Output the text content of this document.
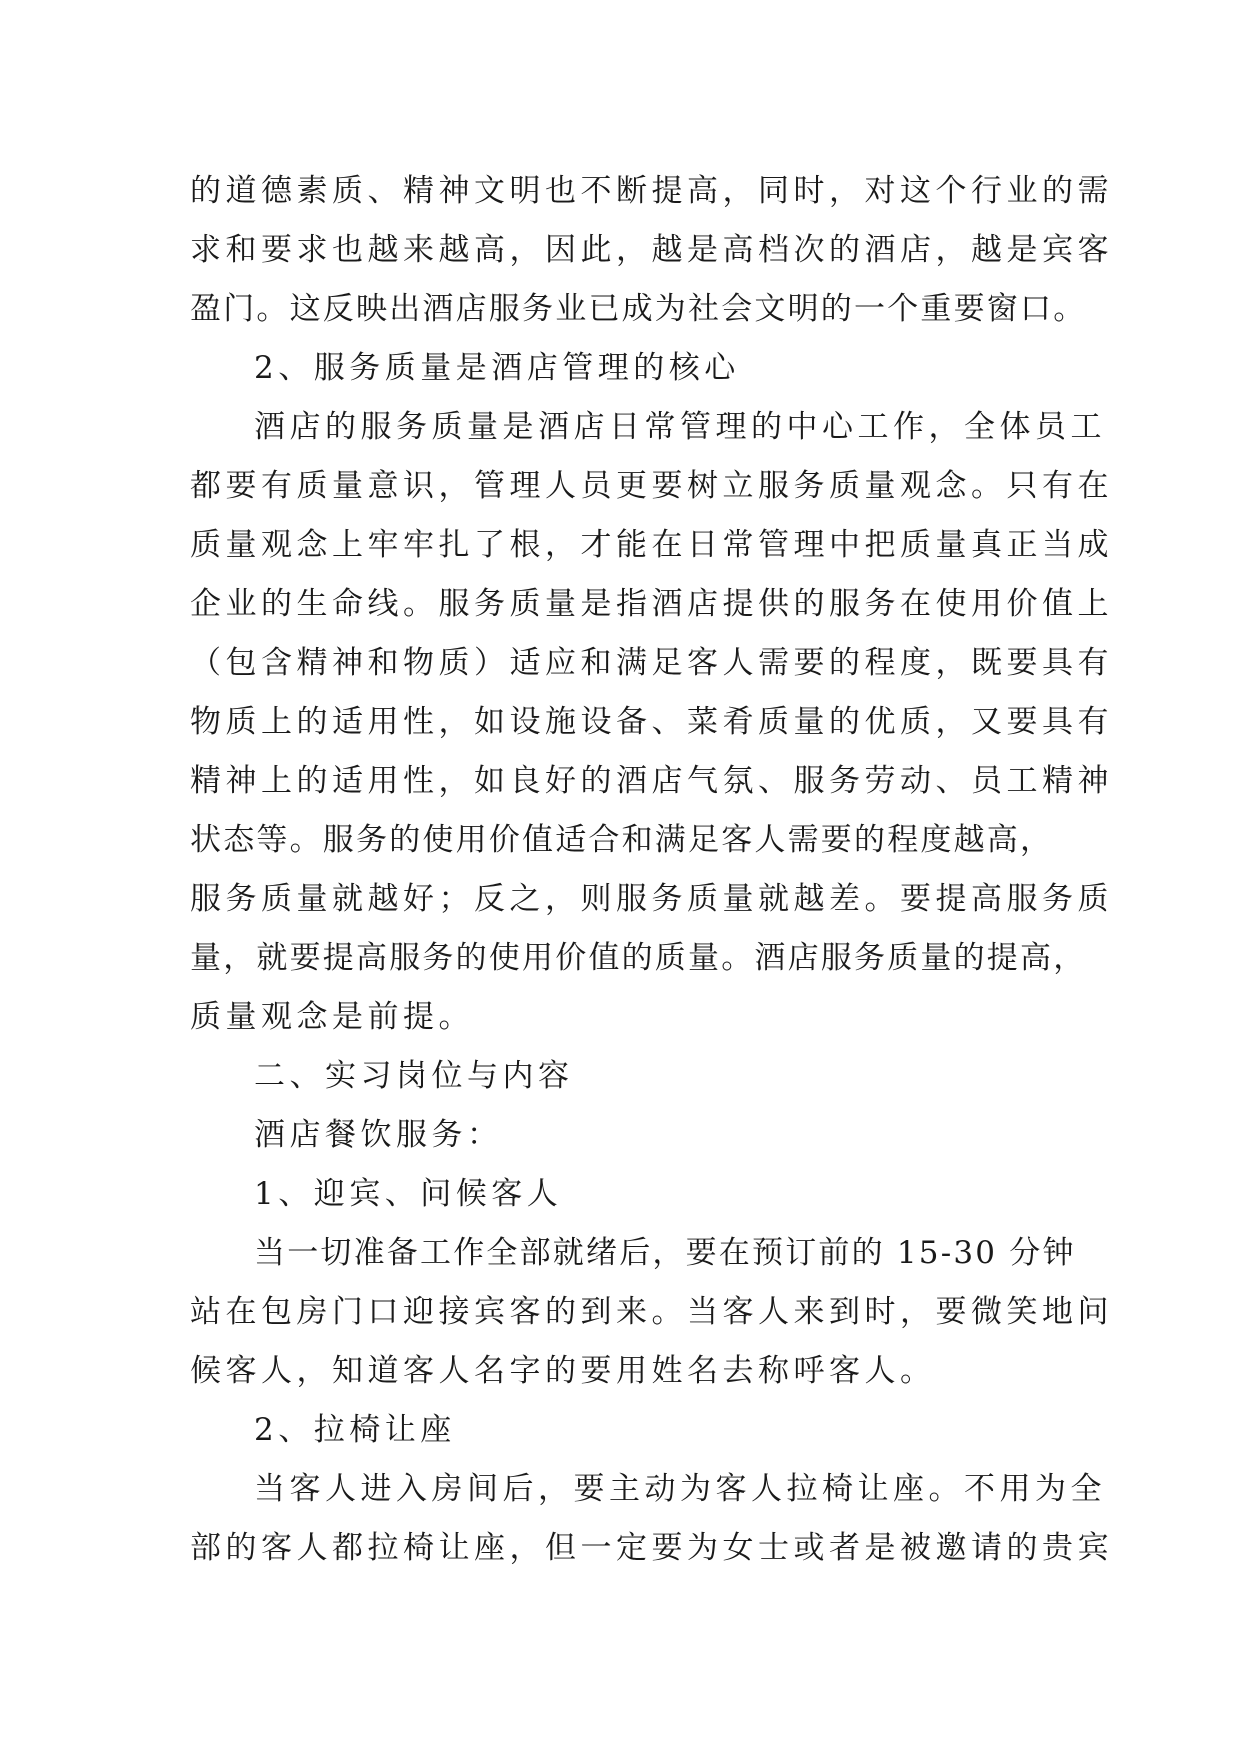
的道德素质、精神文明也不断提高，同时，对这个行业的需
求和要求也越来越高，因此，越是高档次的酒店，越是宾客
盈门。这反映出酒店服务业已成为社会文明的一个重要窗口。
2、服务质量是酒店管理的核心
酒店的服务质量是酒店日常管理的中心工作，全体员工
都要有质量意识，管理人员更要树立服务质量观念。只有在
质量观念上牢牢扎了根，才能在日常管理中把质量真正当成
企业的生命线。服务质量是指酒店提供的服务在使用价值上
（包含精神和物质）适应和满足客人需要的程度，既要具有
物质上的适用性，如设施设备、菜肴质量的优质，又要具有
精神上的适用性，如良好的酒店气氛、服务劳动、员工精神
状态等。服务的使用价值适合和满足客人需要的程度越高，
服务质量就越好；反之，则服务质量就越差。要提高服务质
量，就要提高服务的使用价值的质量。酒店服务质量的提高，
质量观念是前提。
二、实习岗位与内容
酒店餐饮服务：
1、迎宾、问候客人
当一切准备工作全部就绪后，要在预订前的 15-30 分钟
站在包房门口迎接宾客的到来。当客人来到时，要微笑地问
候客人，知道客人名字的要用姓名去称呼客人。
2、拉椅让座
当客人进入房间后，要主动为客人拉椅让座。不用为全
部的客人都拉椅让座，但一定要为女士或者是被邀请的贵宾
